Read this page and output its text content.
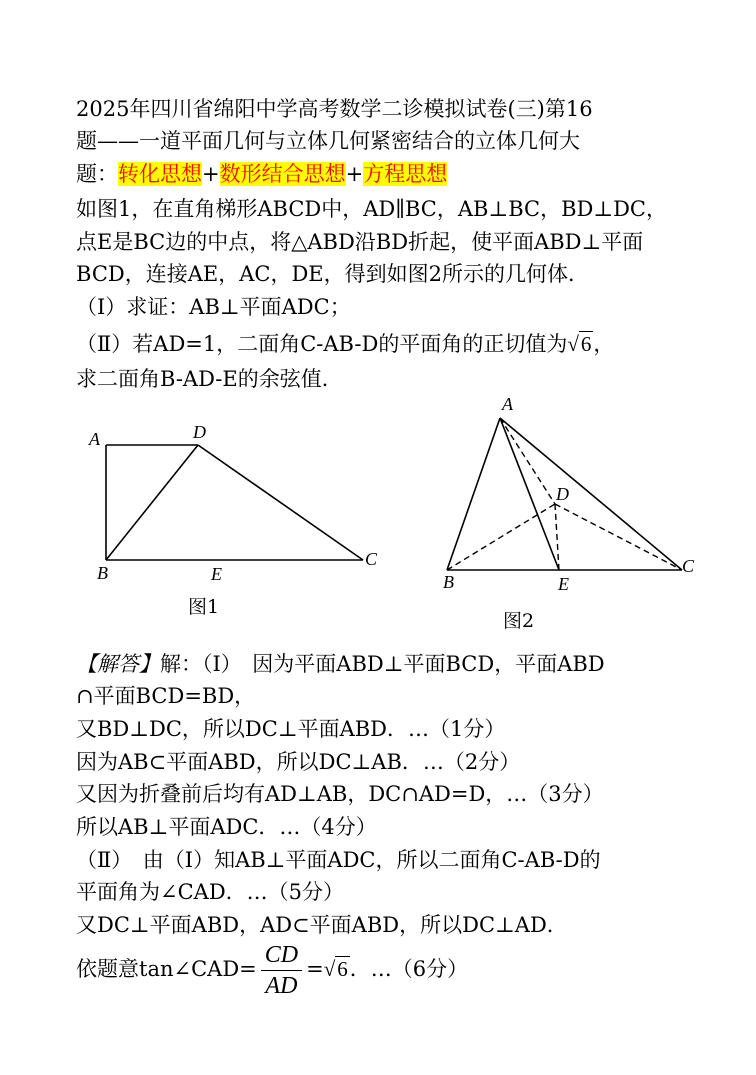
2025年四川省绵阳中学高考数学二诊模拟试卷(三)第16
题——一道平面几何与立体几何紧密结合的立体几何大
题：转化思想+数形结合思想+方程思想
如图1，在直角梯形ABCD中，AD∥BC，AB⊥BC，BD⊥DC，
点E是BC边的中点，将△ABD沿BD折起，使平面ABD⊥平面
BCD，连接AE，AC，DE，得到如图2所示的几何体．
（Ⅰ）求证：AB⊥平面ADC；
（Ⅱ）若AD=1，二面角C-AB-D的平面角的正切值为√6，
求二面角B-AD-E的余弦值．
A	D
B	E
C
图1
A
D
B	E
C
图2
【解答】解：（Ⅰ）　因为平面ABD⊥平面BCD，平面ABD
∩平面BCD=BD，
又BD⊥DC，所以DC⊥平面ABD．…（1分）
因为AB⊂平面ABD，所以DC⊥AB．…（2分）
又因为折叠前后均有AD⊥AB，DC∩AD=D，…（3分）
所以AB⊥平面ADC．…（4分）
（Ⅱ）　由（Ⅰ）知AB⊥平面ADC，所以二面角C-AB-D的
平面角为∠CAD．…（5分）
又DC⊥平面ABD，AD⊂平面ABD，所以DC⊥AD．
依题意tan∠CAD= $\frac{CD}{AD} =√6$．…（6分）
